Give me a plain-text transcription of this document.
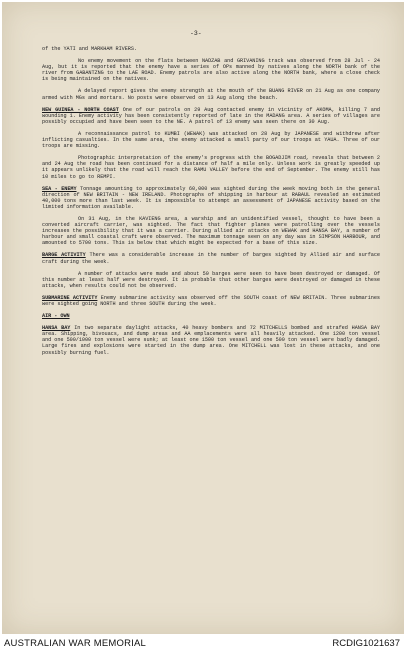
-3-

of the YATI and MARKHAM RIVERS.

No enemy movement on the flats between NADZAB and GRIVANING track was observed from 28 Jul - 24 Aug, but it is reported that the enemy have a series of OPs manned by natives along the NORTH bank of the river from GABANTZNG to the LAE ROAD. Enemy patrols are also active along the NORTH bank, where a close check is being maintained on the natives.

A delayed report gives the enemy strength at the mouth of the BUANG RIVER on 21 Aug as one company armed with MGs and mortars. No posts were observed on 13 Aug along the beach.

NEW GUINEA - NORTH COAST One of our patrols on 29 Aug contacted enemy in vicinity of AKOMA, killing 7 and wounding 1. Enemy activity has been consistently reported of late in the MADANG area. A series of villages are possibly occupied and have been seen to the NE. A patrol of 13 enemy was seen there on 30 Aug.

A reconnaissance patrol to KUMBI (WEWAK) was attacked on 28 Aug by JAPANESE and withdrew after inflicting casualties. In the same area, the enemy attacked a small party of our troops at YAUA. Three of our troops are missing.

Photographic interpretation of the enemy's progress with the BOGADJIM road, reveals that between 2 and 24 Aug the road has been continued for a distance of half a mile only. Unless work is greatly speeded up it appears unlikely that the road will reach the RAMU VALLEY before the end of September. The enemy still has 10 miles to go to REMPI.

SEA - ENEMY Tonnage amounting to approximately 60,000 was sighted during the week moving both in the general direction of NEW BRITAIN - NEW IRELAND. Photographs of shipping in harbour at RABAUL revealed an estimated 40,000 tons more than last week. It is impossible to attempt an assessment of JAPANESE activity based on the limited information available.

On 31 Aug, in the KAVIENG area, a warship and an unidentified vessel, thought to have been a converted aircraft carrier, was sighted. The fact that fighter planes were patrolling over the vessels increases the possibility that it was a carrier. During allied air attacks on WEWAK and HANSA BAY, a number of harbour and small coastal craft were observed. The maximum tonnage seen on any day was in SIMPSON HARBOUR, and amounted to 5700 tons. This is below that which might be expected for a base of this size.

BARGE ACTIVITY There was a considerable increase in the number of barges sighted by Allied air and surface craft during the week.

A number of attacks were made and about 50 barges were seen to have been destroyed or damaged. Of this number at least half were destroyed. It is probable that other barges were destroyed or damaged in these attacks, when results could not be observed.

SUBMARINE ACTIVITY Enemy submarine activity was observed off the SOUTH coast of NEW BRITAIN. Three submarines were sighted going NORTH and three SOUTH during the week.

AIR - OWN

HANSA BAY In two separate daylight attacks, 40 heavy bombers and 72 MITCHELLS bombed and strafed HANSA BAY area. Shipping, bivouacs, and dump areas and AA emplacements were all heavily attacked. One 1200 ton vessel and one 500/1000 ton vessel were sunk; at least one 1500 ton vessel and one 500 ton vessel were badly damaged. Large fires and explosions were started in the dump area. One MITCHELL was lost in these attacks, and one possibly burning fuel.

AUSTRALIAN WAR MEMORIAL	RCDIG1021637
